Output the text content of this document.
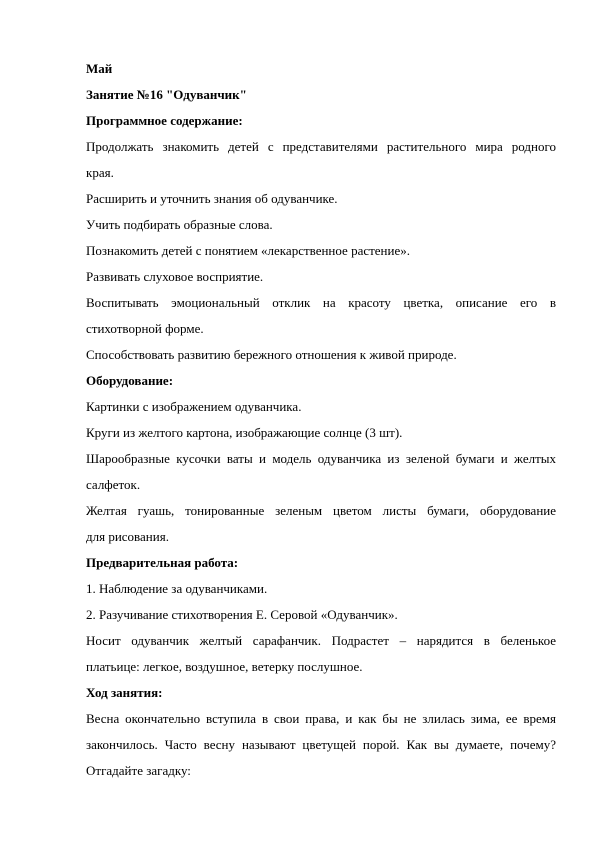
Май
Занятие №16 "Одуванчик"
Программное содержание:
Продолжать знакомить детей с представителями растительного мира родного
края.
Расширить и уточнить знания об одуванчике.
Учить подбирать образные слова.
Познакомить детей с понятием «лекарственное растение».
Развивать слуховое восприятие.
Воспитывать эмоциональный отклик на красоту цветка, описание его в
стихотворной форме.
Способствовать развитию бережного отношения к живой природе.
Оборудование:
Картинки с изображением одуванчика.
Круги из желтого картона, изображающие солнце (3 шт).
Шарообразные кусочки ваты и модель одуванчика из зеленой бумаги и желтых
салфеток.
Желтая гуашь, тонированные зеленым цветом листы бумаги, оборудование
для рисования.
Предварительная работа:
1. Наблюдение за одуванчиками.
2. Разучивание стихотворения Е. Серовой «Одуванчик».
Носит одуванчик желтый сарафанчик. Подрастет – нарядится в беленькое
платьице: легкое, воздушное, ветерку послушное.
Ход занятия:
Весна окончательно вступила в свои права, и как бы не злилась зима, ее время
закончилось. Часто весну называют цветущей порой. Как вы думаете, почему?
Отгадайте загадку:
